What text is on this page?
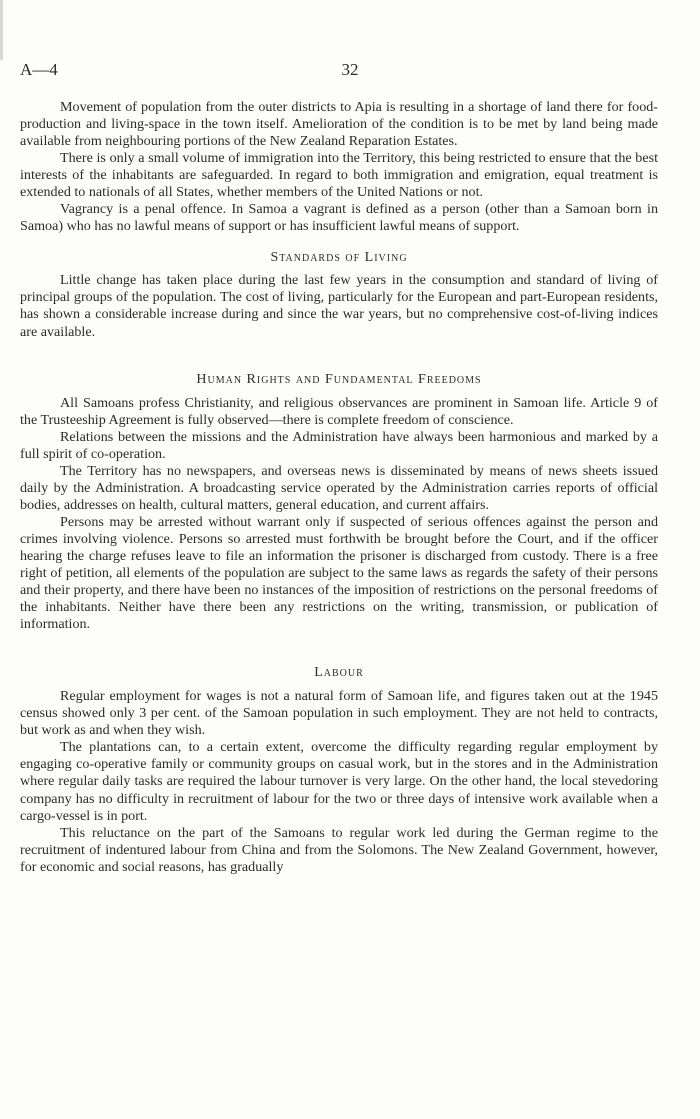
A—4	32

Movement of population from the outer districts to Apia is resulting in a shortage of land there for food-production and living-space in the town itself. Amelioration of the condition is to be met by land being made available from neighbouring portions of the New Zealand Reparation Estates.

There is only a small volume of immigration into the Territory, this being restricted to ensure that the best interests of the inhabitants are safeguarded. In regard to both immigration and emigration, equal treatment is extended to nationals of all States, whether members of the United Nations or not.

Vagrancy is a penal offence. In Samoa a vagrant is defined as a person (other than a Samoan born in Samoa) who has no lawful means of support or has insufficient lawful means of support.

Standards of Living

Little change has taken place during the last few years in the consumption and standard of living of principal groups of the population. The cost of living, particularly for the European and part-European residents, has shown a considerable increase during and since the war years, but no comprehensive cost-of-living indices are available.

Human Rights and Fundamental Freedoms

All Samoans profess Christianity, and religious observances are prominent in Samoan life. Article 9 of the Trusteeship Agreement is fully observed—there is complete freedom of conscience.

Relations between the missions and the Administration have always been harmonious and marked by a full spirit of co-operation.

The Territory has no newspapers, and overseas news is disseminated by means of news sheets issued daily by the Administration. A broadcasting service operated by the Administration carries reports of official bodies, addresses on health, cultural matters, general education, and current affairs.

Persons may be arrested without warrant only if suspected of serious offences against the person and crimes involving violence. Persons so arrested must forthwith be brought before the Court, and if the officer hearing the charge refuses leave to file an information the prisoner is discharged from custody. There is a free right of petition, all elements of the population are subject to the same laws as regards the safety of their persons and their property, and there have been no instances of the imposition of restrictions on the personal freedoms of the inhabitants. Neither have there been any restrictions on the writing, transmission, or publication of information.

Labour

Regular employment for wages is not a natural form of Samoan life, and figures taken out at the 1945 census showed only 3 per cent. of the Samoan population in such employment. They are not held to contracts, but work as and when they wish.

The plantations can, to a certain extent, overcome the difficulty regarding regular employment by engaging co-operative family or community groups on casual work, but in the stores and in the Administration where regular daily tasks are required the labour turnover is very large. On the other hand, the local stevedoring company has no difficulty in recruitment of labour for the two or three days of intensive work available when a cargo-vessel is in port.

This reluctance on the part of the Samoans to regular work led during the German regime to the recruitment of indentured labour from China and from the Solomons. The New Zealand Government, however, for economic and social reasons, has gradually
